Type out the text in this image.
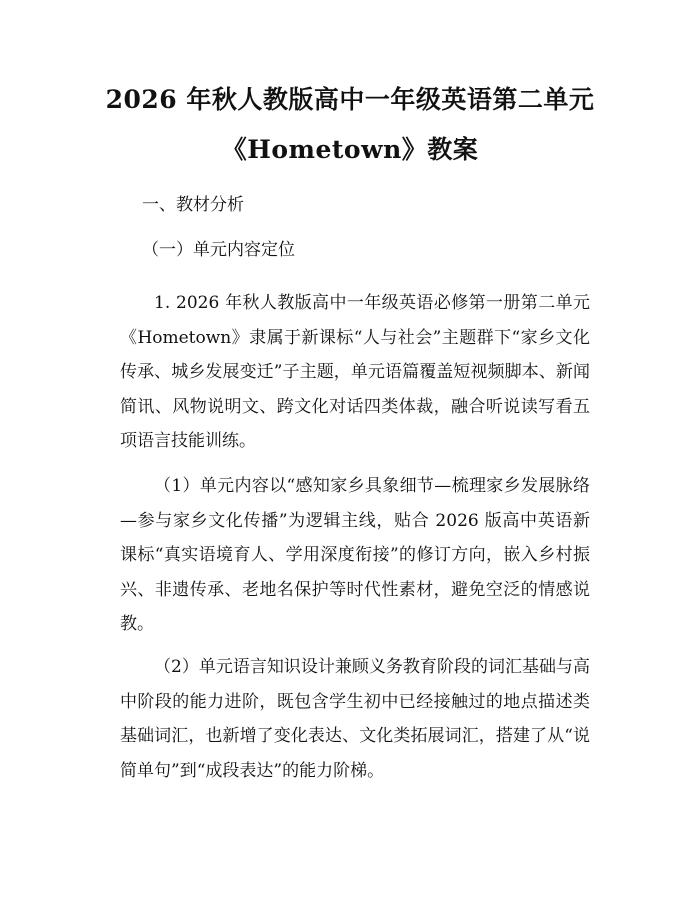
2026 年秋人教版高中一年级英语第二单元
《Hometown》教案
一、教材分析
（一）单元内容定位

1. 2026 年秋人教版高中一年级英语必修第一册第二单元《Hometown》隶属于新课标“人与社会”主题群下“家乡文化传承、城乡发展变迁”子主题，单元语篇覆盖短视频脚本、新闻简讯、风物说明文、跨文化对话四类体裁，融合听说读写看五项语言技能训练。

（1）单元内容以“感知家乡具象细节—梳理家乡发展脉络—参与家乡文化传播”为逻辑主线，贴合 2026 版高中英语新课标“真实语境育人、学用深度衔接”的修订方向，嵌入乡村振兴、非遗传承、老地名保护等时代性素材，避免空泛的情感说教。

（2）单元语言知识设计兼顾义务教育阶段的词汇基础与高中阶段的能力进阶，既包含学生初中已经接触过的地点描述类基础词汇，也新增了变化表达、文化类拓展词汇，搭建了从“说简单句”到“成段表达”的能力阶梯。
